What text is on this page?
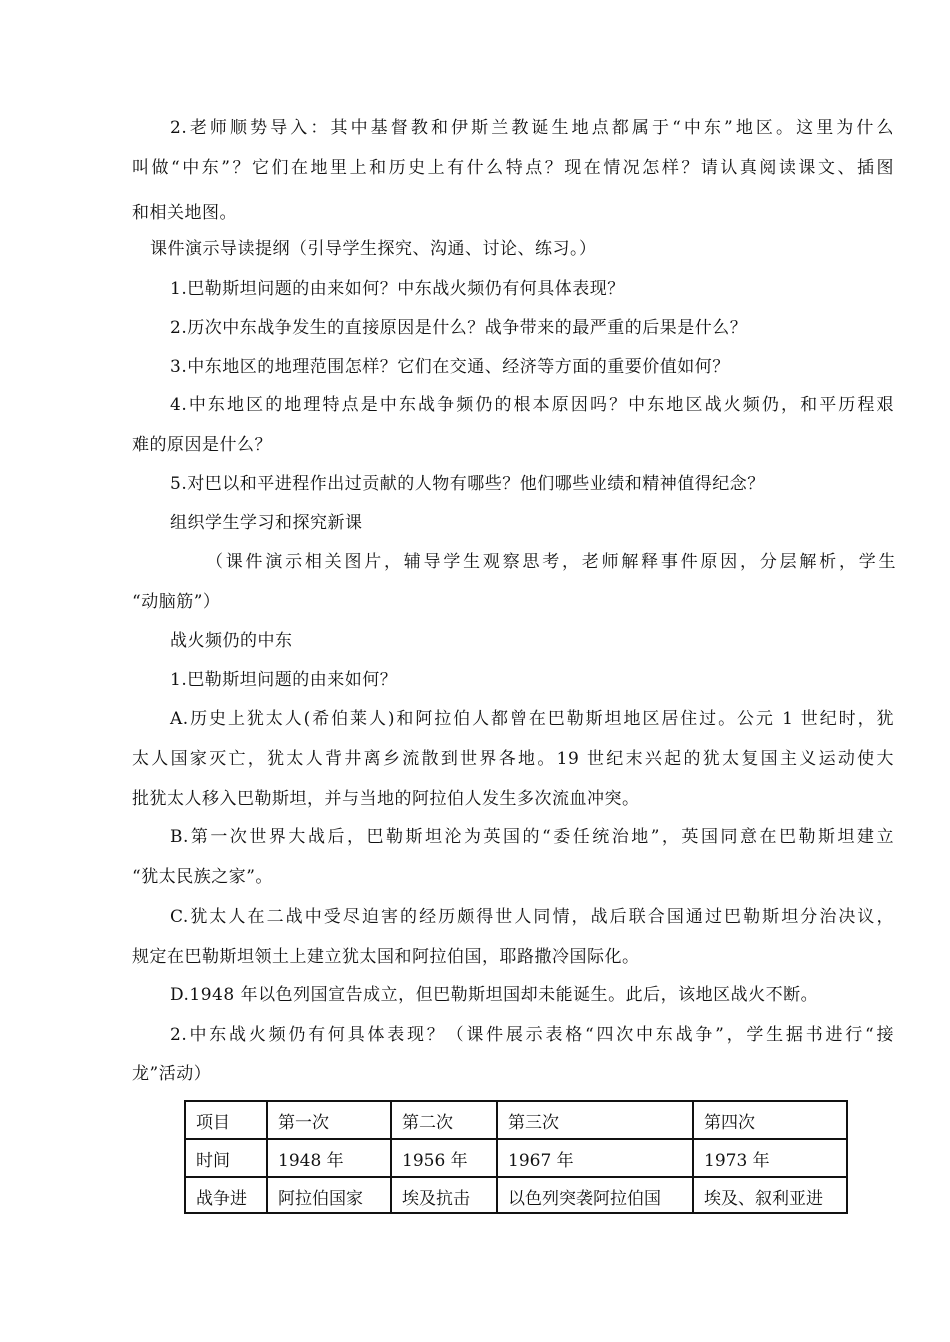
2.老师顺势导入：其中基督教和伊斯兰教诞生地点都属于“中东”地区。这里为什么
叫做“中东”？它们在地里上和历史上有什么特点？现在情况怎样？请认真阅读课文、插图
和相关地图。
课件演示导读提纲（引导学生探究、沟通、讨论、练习。）
1.巴勒斯坦问题的由来如何？中东战火频仍有何具体表现？
2.历次中东战争发生的直接原因是什么？战争带来的最严重的后果是什么？
3.中东地区的地理范围怎样？它们在交通、经济等方面的重要价值如何？
4.中东地区的地理特点是中东战争频仍的根本原因吗？中东地区战火频仍，和平历程艰
难的原因是什么？
5.对巴以和平进程作出过贡献的人物有哪些？他们哪些业绩和精神值得纪念？
组织学生学习和探究新课
（课件演示相关图片，辅导学生观察思考，老师解释事件原因，分层解析，学生
“动脑筋”）
战火频仍的中东
1.巴勒斯坦问题的由来如何？
A.历史上犹太人(希伯莱人)和阿拉伯人都曾在巴勒斯坦地区居住过。公元 1 世纪时，犹
太人国家灭亡，犹太人背井离乡流散到世界各地。19 世纪末兴起的犹太复国主义运动使大
批犹太人移入巴勒斯坦，并与当地的阿拉伯人发生多次流血冲突。
B.第一次世界大战后，巴勒斯坦沦为英国的“委任统治地”，英国同意在巴勒斯坦建立
“犹太民族之家”。
C.犹太人在二战中受尽迫害的经历颇得世人同情，战后联合国通过巴勒斯坦分治决议，
规定在巴勒斯坦领土上建立犹太国和阿拉伯国，耶路撒冷国际化。
D.1948 年以色列国宣告成立，但巴勒斯坦国却未能诞生。此后，该地区战火不断。
2.中东战火频仍有何具体表现？（课件展示表格“四次中东战争”，学生据书进行“接
龙”活动）
项目	第一次	第二次	第三次	第四次
时间	1948 年	1956 年	1967 年	1973 年
战争进	阿拉伯国家	埃及抗击	以色列突袭阿拉伯国	埃及、叙利亚进
